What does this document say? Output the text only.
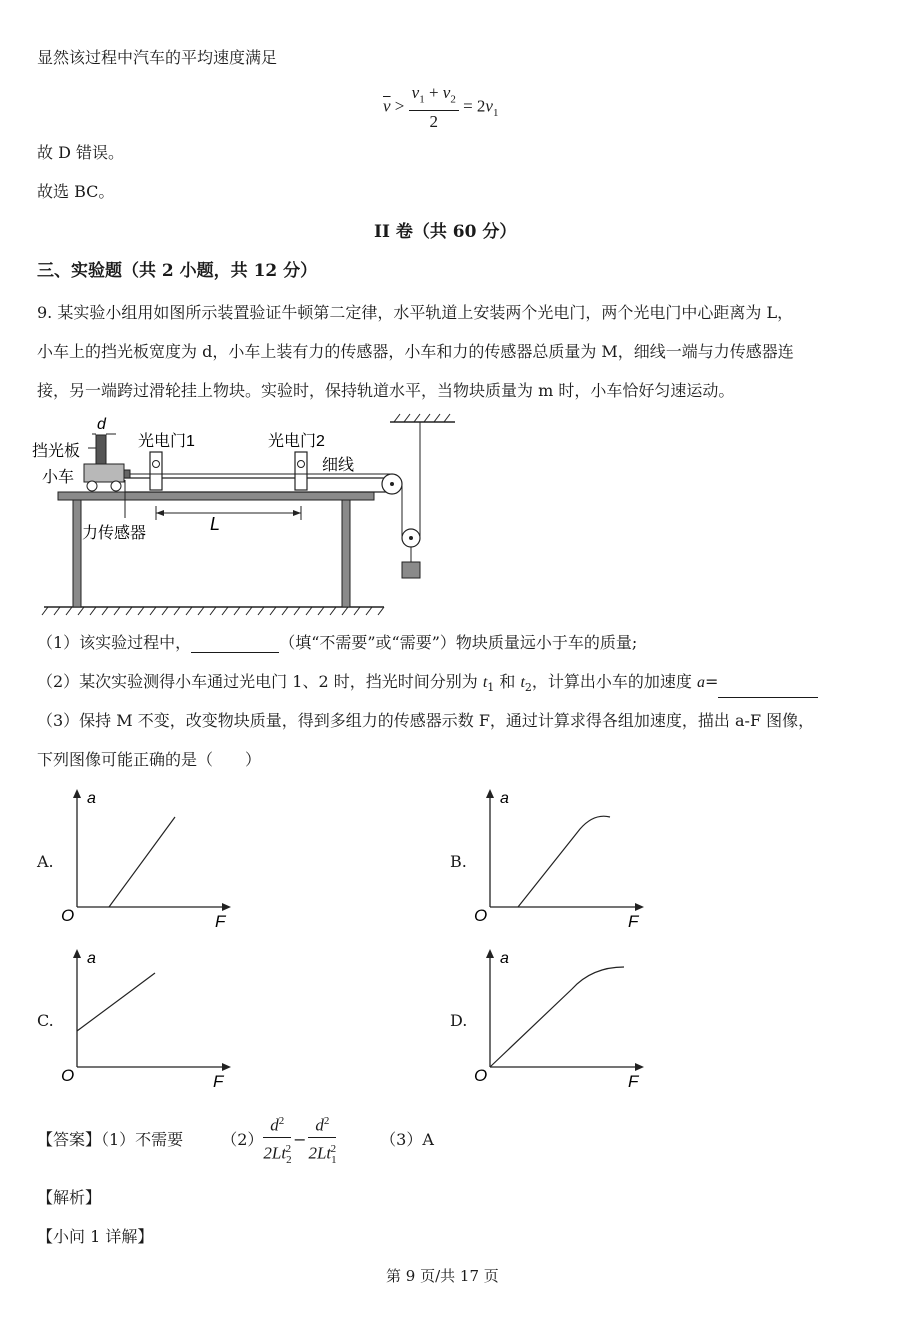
显然该过程中汽车的平均速度满足
$\overline{v} > \frac{v_1 + v_2}{2} = 2v_1$
故 D 错误。
故选 BC。
II 卷（共 60 分）
三、实验题（共 2 小题，共 12 分）
9. 某实验小组用如图所示装置验证牛顿第二定律，水平轨道上安装两个光电门，两个光电门中心距离为 L，
小车上的挡光板宽度为 d，小车上装有力的传感器，小车和力的传感器总质量为 M，细线一端与力传感器连
接，另一端跨过滑轮挂上物块。实验时，保持轨道水平，当物块质量为 m 时，小车恰好匀速运动。
d
挡光板
小车
光电门1	光电门2
细线
力传感器	L
（1）该实验过程中，	（填“不需要”或“需要”）物块质量远小于车的质量;
（2）某次实验测得小车通过光电门 1、2 时，挡光时间分别为 $t_1$ 和 $t_2$，计算出小车的加速度 a=
（3）保持 M 不变，改变物块质量，得到多组力的传感器示数 F，通过计算求得各组加速度，描出 a-F 图像，
下列图像可能正确的是（　　）
A.
a
F
O
B.
a
F
O
C.
a
F
O
D.
a
F
O
【答案】（1）不需要 $(2) \frac{d^2}{2Lt_2^2} - \frac{d^2}{2Lt_1^2}$	（3）A
【解析】
【小问 1 详解】
第 9 页/共 17 页
